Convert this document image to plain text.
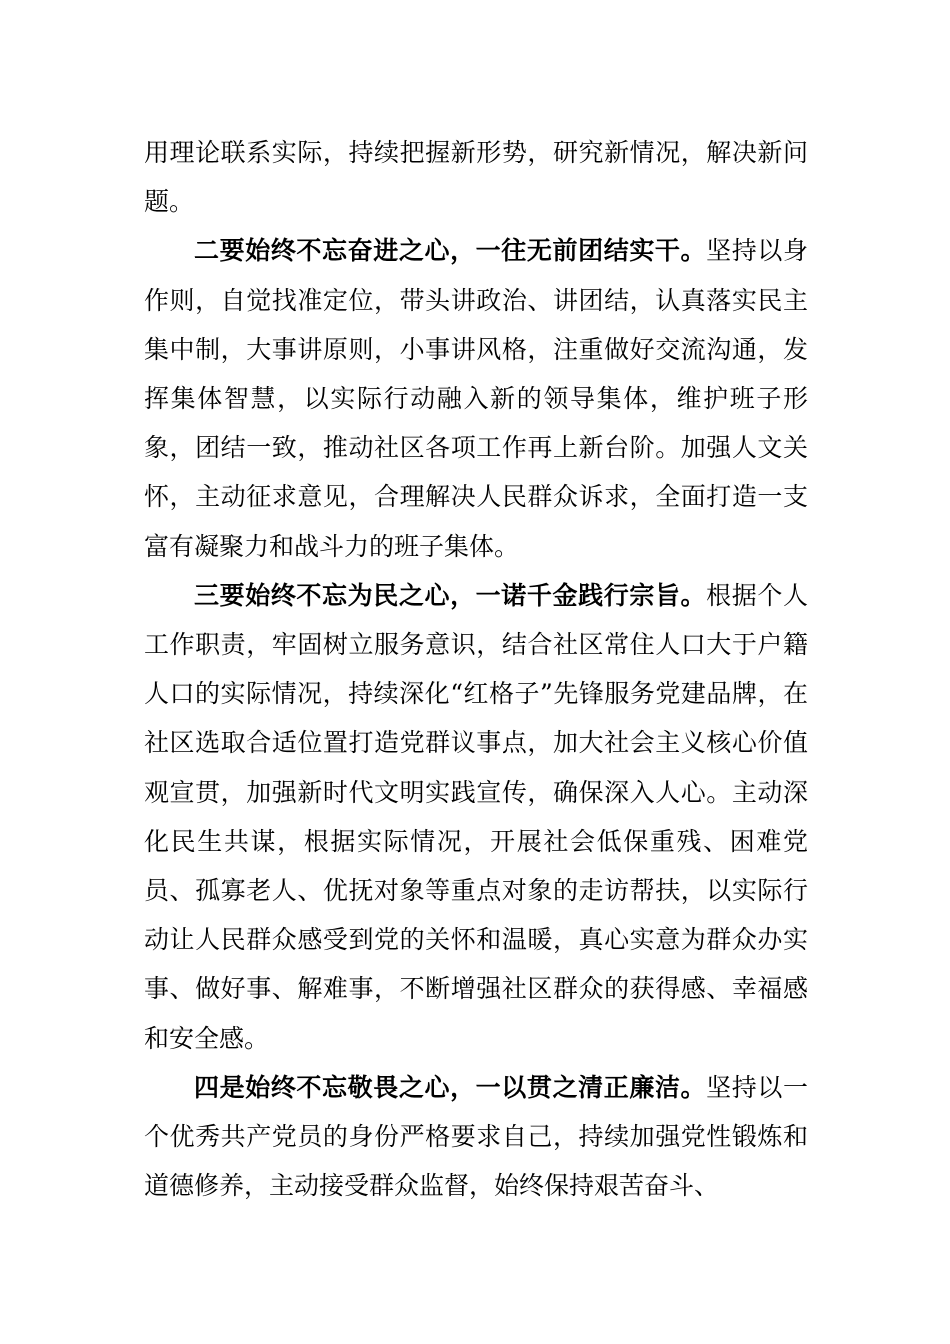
用理论联系实际，持续把握新形势，研究新情况，解决新问题。

二要始终不忘奋进之心，一往无前团结实干。坚持以身作则，自觉找准定位，带头讲政治、讲团结，认真落实民主集中制，大事讲原则，小事讲风格，注重做好交流沟通，发挥集体智慧，以实际行动融入新的领导集体，维护班子形象，团结一致，推动社区各项工作再上新台阶。加强人文关怀，主动征求意见，合理解决人民群众诉求，全面打造一支富有凝聚力和战斗力的班子集体。

三要始终不忘为民之心，一诺千金践行宗旨。根据个人工作职责，牢固树立服务意识，结合社区常住人口大于户籍人口的实际情况，持续深化“红格子”先锋服务党建品牌，在社区选取合适位置打造党群议事点，加大社会主义核心价值观宣贯，加强新时代文明实践宣传，确保深入人心。主动深化民生共谋，根据实际情况，开展社会低保重残、困难党员、孤寡老人、优抚对象等重点对象的走访帮扶，以实际行动让人民群众感受到党的关怀和温暖，真心实意为群众办实事、做好事、解难事，不断增强社区群众的获得感、幸福感和安全感。

四是始终不忘敬畏之心，一以贯之清正廉洁。坚持以一个优秀共产党员的身份严格要求自己，持续加强党性锻炼和道德修养，主动接受群众监督，始终保持艰苦奋斗、
